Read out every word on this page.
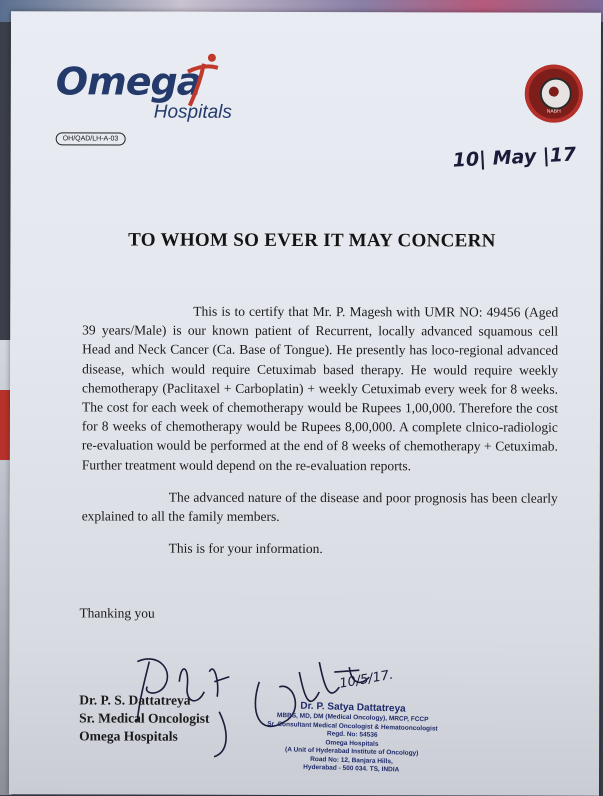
Omega
Hospitals
OH/QAD/LH-A-03
NABH
10| May |17
TO WHOM SO EVER IT MAY CONCERN

This is to certify that Mr. P. Magesh with UMR NO: 49456 (Aged 39 years/Male) is our known patient of Recurrent, locally advanced squamous cell Head and Neck Cancer (Ca. Base of Tongue). He presently has loco-regional advanced disease, which would require Cetuximab based therapy. He would require weekly chemotherapy (Paclitaxel + Carboplatin) + weekly Cetuximab every week for 8 weeks. The cost for each week of chemotherapy would be Rupees 1,00,000. Therefore the cost for 8 weeks of chemotherapy would be Rupees 8,00,000. A complete clnico-radiologic re-evaluation would be performed at the end of 8 weeks of chemotherapy + Cetuximab. Further treatment would depend on the re-evaluation reports.

The advanced nature of the disease and poor prognosis has been clearly explained to all the family members.

This is for your information.

Thanking you
10/5/17.
Dr. P. S. Dattatreya
Sr. Medical Oncologist
Omega Hospitals
Dr. P. Satya Dattatreya
MBBS, MD, DM (Medical Oncology), MRCP, FCCP
Sr. Consultant Medical Oncologist & Hematooncologist
Regd. No: 54536
Omega Hospitals
(A Unit of Hyderabad Institute of Oncology)
Road No: 12, Banjara Hills,
Hyderabad - 500 034. TS, INDIA
